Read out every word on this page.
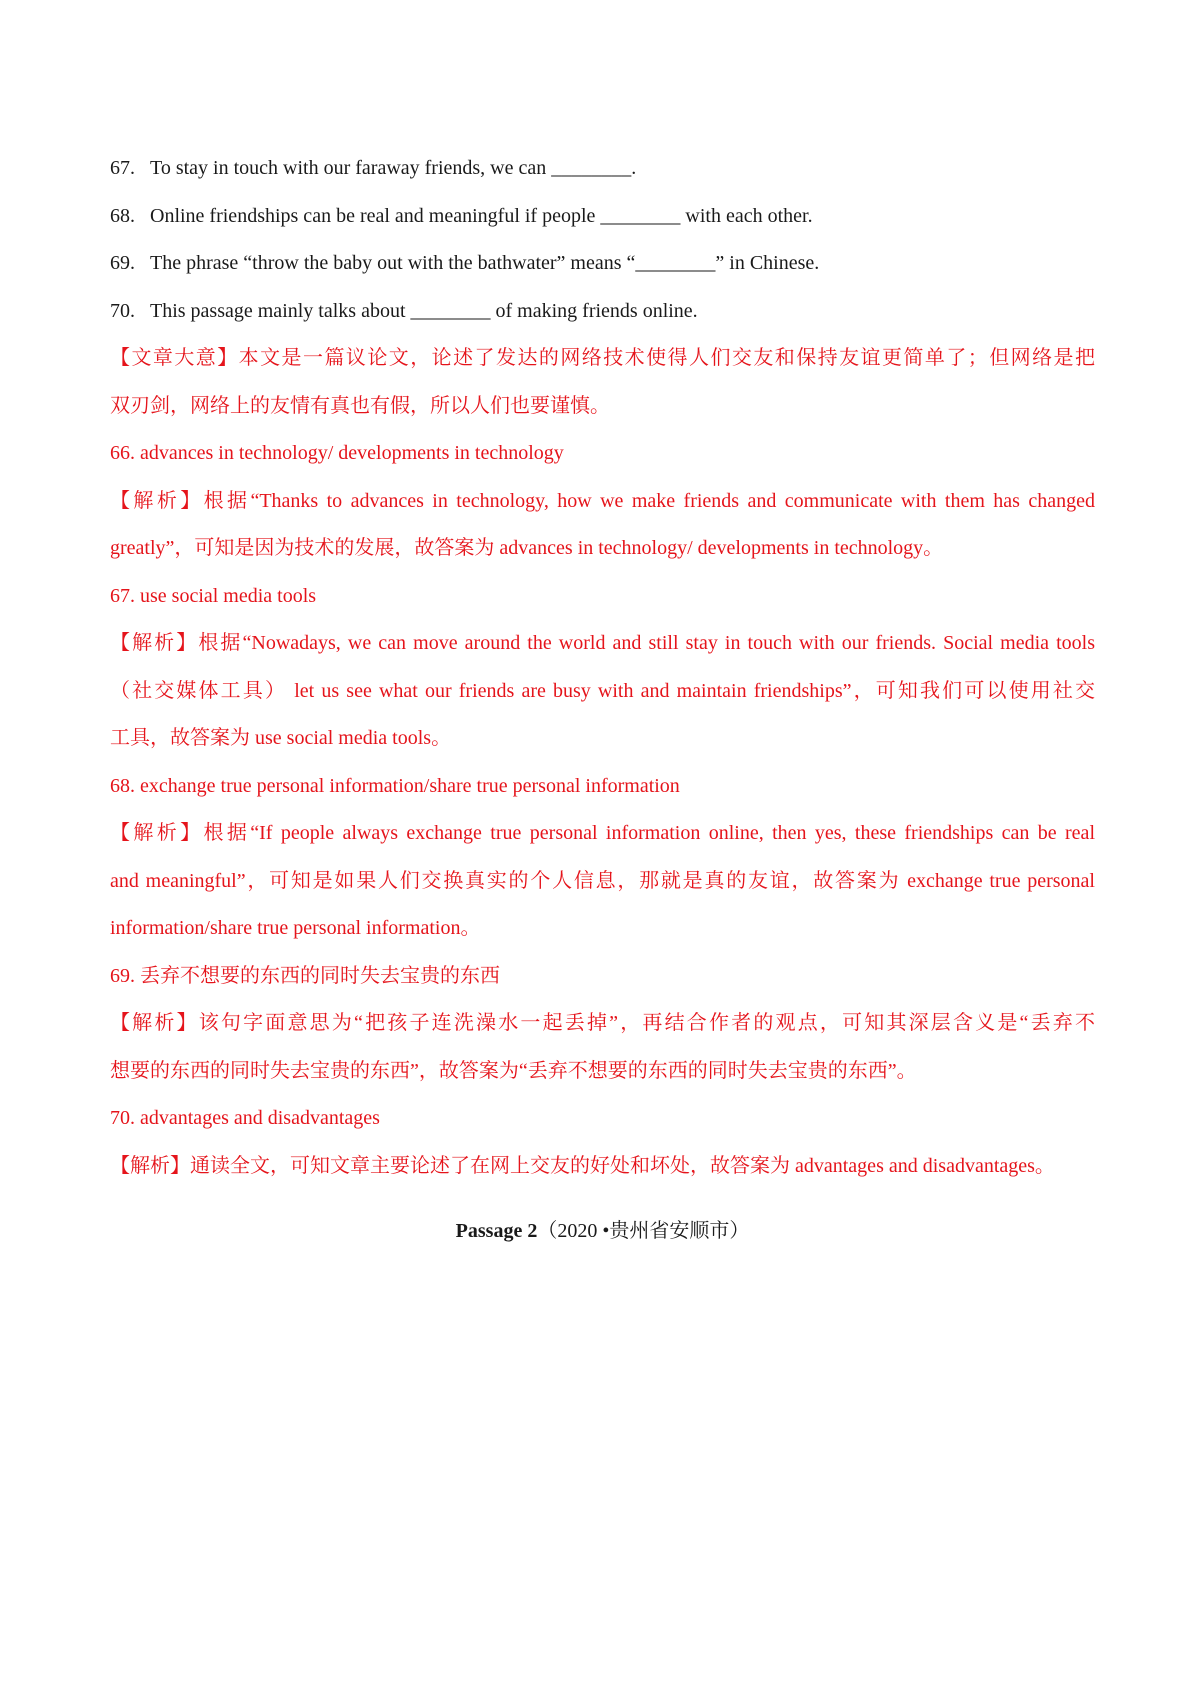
67. To stay in touch with our faraway friends, we can ________.
68. Online friendships can be real and meaningful if people ________ with each other.
69. The phrase “throw the baby out with the bathwater” means “________” in Chinese.
70. This passage mainly talks about ________ of making friends online.
【文章大意】本文是一篇议论文，论述了发达的网络技术使得人们交友和保持友谊更简单了；但网络是把
双刃剑，网络上的友情有真也有假，所以人们也要谨慎。
66. advances in technology/ developments in technology
【解析】根据“Thanks to advances in technology, how we make friends and communicate with them has changed
greatly”，可知是因为技术的发展，故答案为 advances in technology/ developments in technology。
67. use social media tools
【解析】根据“Nowadays, we can move around the world and still stay in touch with our friends. Social media tools
（社交媒体工具） let us see what our friends are busy with and maintain friendships”，可知我们可以使用社交
工具，故答案为 use social media tools。
68. exchange true personal information/share true personal information
【解析】根据“If people always exchange true personal information online, then yes, these friendships can be real
and meaningful”，可知是如果人们交换真实的个人信息，那就是真的友谊，故答案为 exchange true personal
information/share true personal information。
69. 丢弃不想要的东西的同时失去宝贵的东西
【解析】该句字面意思为“把孩子连洗澡水一起丢掉”，再结合作者的观点，可知其深层含义是“丢弃不
想要的东西的同时失去宝贵的东西”，故答案为“丢弃不想要的东西的同时失去宝贵的东西”。
70. advantages and disadvantages
【解析】通读全文，可知文章主要论述了在网上交友的好处和坏处，故答案为 advantages and disadvantages。
Passage 2（2020 •贵州省安顺市）
